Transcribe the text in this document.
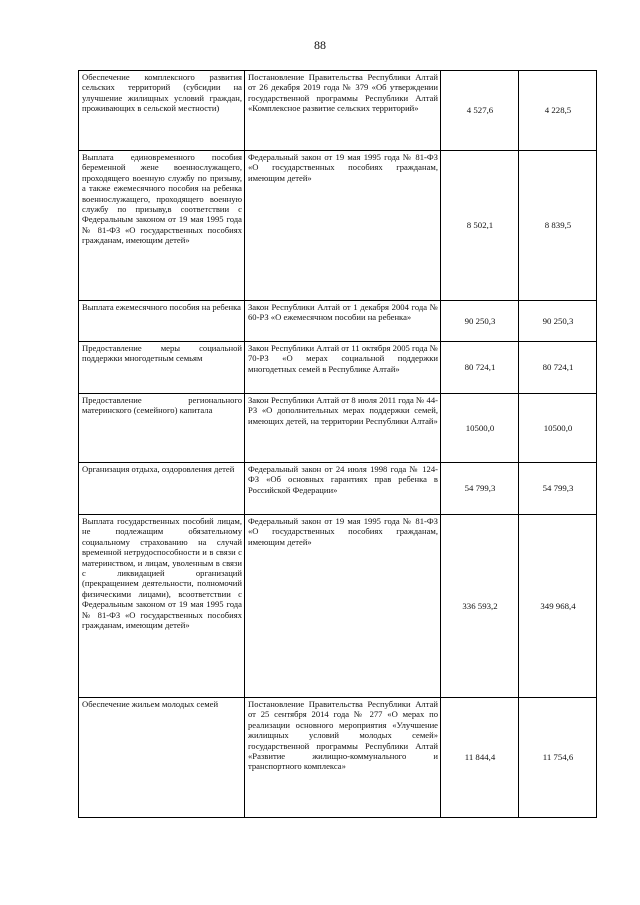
88
Обеспечение комплексного развития сельских территорий (субсидии на улучшение жилищных условий граждан, проживающих в сельской местности)	Постановление Правительства Республики Алтай от 26 декабря 2019 года № 379 «Об утверждении государственной программы Республики Алтай «Комплексное развитие сельских территорий»	4 527,6	4 228,5
Выплата единовременного пособия беременной жене военнослужащего, проходящего военную службу по призыву, а также ежемесячного пособия на ребенка военнослужащего, проходящего военную службу по призыву,в соответствии с Федеральным законом от 19 мая 1995 года № 81-ФЗ «О государственных пособиях гражданам, имеющим детей»	Федеральный закон от 19 мая 1995 года № 81-ФЗ «О государственных пособиях гражданам, имеющим детей»	8 502,1	8 839,5
Выплата ежемесячного пособия на ребенка	Закон Республики Алтай от 1 декабря 2004 года № 60-РЗ «О ежемесячном пособии на ребенка»	90 250,3	90 250,3
Предоставление меры социальной поддержки многодетным семьям	Закон Республики Алтай от 11 октября 2005 года № 70-РЗ «О мерах социальной поддержки многодетных семей в Республике Алтай»	80 724,1	80 724,1
Предоставление регионального материнского (семейного) капитала	Закон Республики Алтай от 8 июля 2011 года № 44-РЗ «О дополнительных мерах поддержки семей, имеющих детей, на территории Республики Алтай»	10500,0	10500,0
Организация отдыха, оздоровления детей	Федеральный закон от 24 июля 1998 года № 124-ФЗ «Об основных гарантиях прав ребенка в Российской Федерации»	54 799,3	54 799,3
Выплата государственных пособий лицам, не подлежащим обязательному социальному страхованию на случай временной нетрудоспособности и в связи с материнством, и лицам, уволенным в связи с ликвидацией организаций (прекращением деятельности, полномочий физическими лицами), всоответствии с Федеральным законом от 19 мая 1995 года № 81-ФЗ «О государственных пособиях гражданам, имеющим детей»	Федеральный закон от 19 мая 1995 года № 81-ФЗ «О государственных пособиях гражданам, имеющим детей»	336 593,2	349 968,4
Обеспечение жильем молодых семей	Постановление Правительства Республики Алтай от 25 сентября 2014 года № 277 «О мерах по реализации основного мероприятия «Улучшение жилищных условий молодых семей» государственной программы Республики Алтай «Развитие жилищно-коммунального и транспортного комплекса»	11 844,4	11 754,6
